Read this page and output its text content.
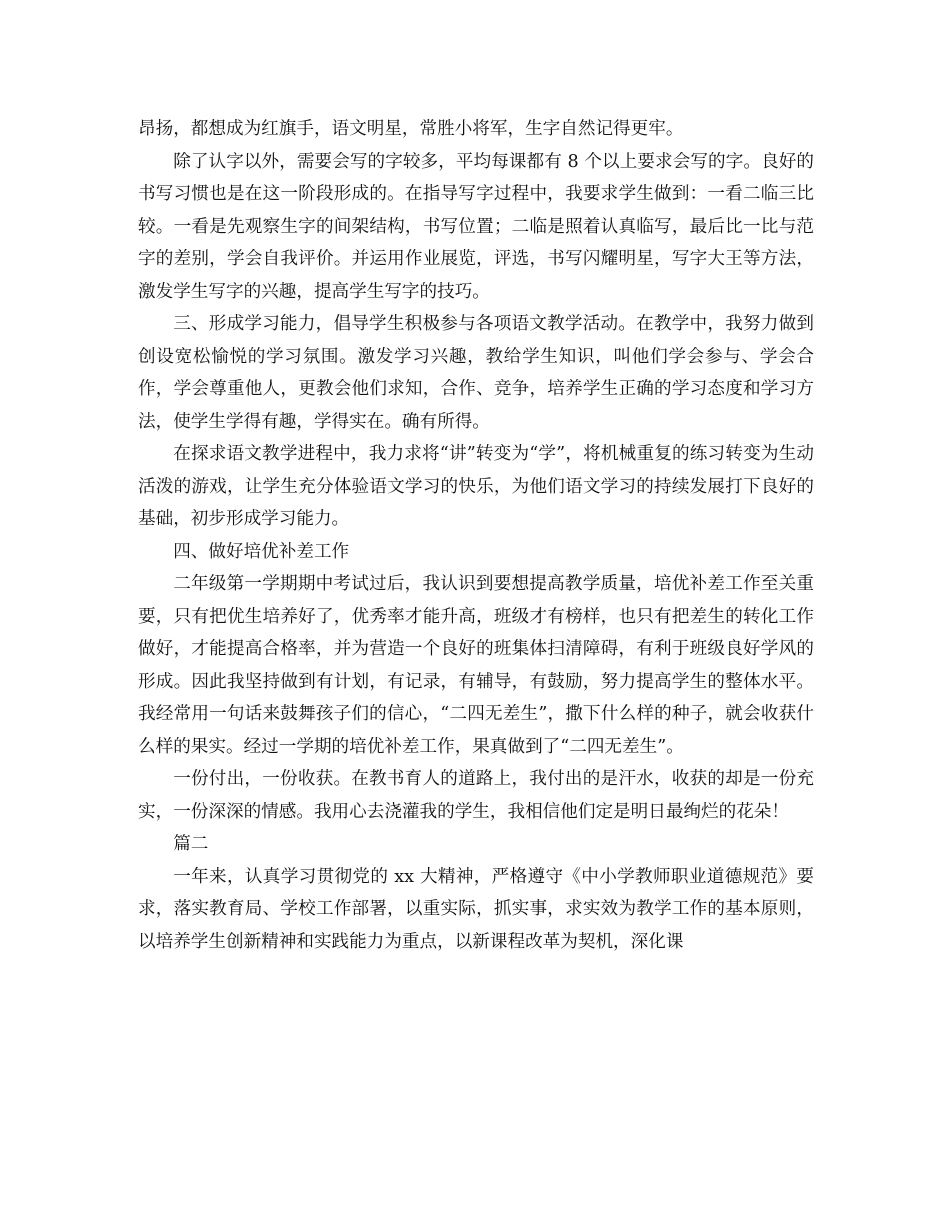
昂扬，都想成为红旗手，语文明星，常胜小将军，生字自然记得更牢。

除了认字以外，需要会写的字较多，平均每课都有 8 个以上要求会写的字。良好的书写习惯也是在这一阶段形成的。在指导写字过程中，我要求学生做到：一看二临三比较。一看是先观察生字的间架结构，书写位置；二临是照着认真临写，最后比一比与范字的差别，学会自我评价。并运用作业展览，评选，书写闪耀明星，写字大王等方法，激发学生写字的兴趣，提高学生写字的技巧。

三、形成学习能力，倡导学生积极参与各项语文教学活动。在教学中，我努力做到创设宽松愉悦的学习氛围。激发学习兴趣，教给学生知识，叫他们学会参与、学会合作，学会尊重他人，更教会他们求知，合作、竞争，培养学生正确的学习态度和学习方法，使学生学得有趣，学得实在。确有所得。

在探求语文教学进程中，我力求将“讲”转变为“学”，将机械重复的练习转变为生动活泼的游戏，让学生充分体验语文学习的快乐，为他们语文学习的持续发展打下良好的基础，初步形成学习能力。

四、做好培优补差工作

二年级第一学期期中考试过后，我认识到要想提高教学质量，培优补差工作至关重要，只有把优生培养好了，优秀率才能升高，班级才有榜样，也只有把差生的转化工作做好，才能提高合格率，并为营造一个良好的班集体扫清障碍，有利于班级良好学风的形成。因此我坚持做到有计划，有记录，有辅导，有鼓励，努力提高学生的整体水平。我经常用一句话来鼓舞孩子们的信心，“二四无差生”，撒下什么样的种子，就会收获什么样的果实。经过一学期的培优补差工作，果真做到了“二四无差生”。

一份付出，一份收获。在教书育人的道路上，我付出的是汗水，收获的却是一份充实，一份深深的情感。我用心去浇灌我的学生，我相信他们定是明日最绚烂的花朵！

篇二

一年来，认真学习贯彻党的 xx 大精神，严格遵守《中小学教师职业道德规范》要求，落实教育局、学校工作部署，以重实际，抓实事，求实效为教学工作的基本原则，以培养学生创新精神和实践能力为重点，以新课程改革为契机，深化课
